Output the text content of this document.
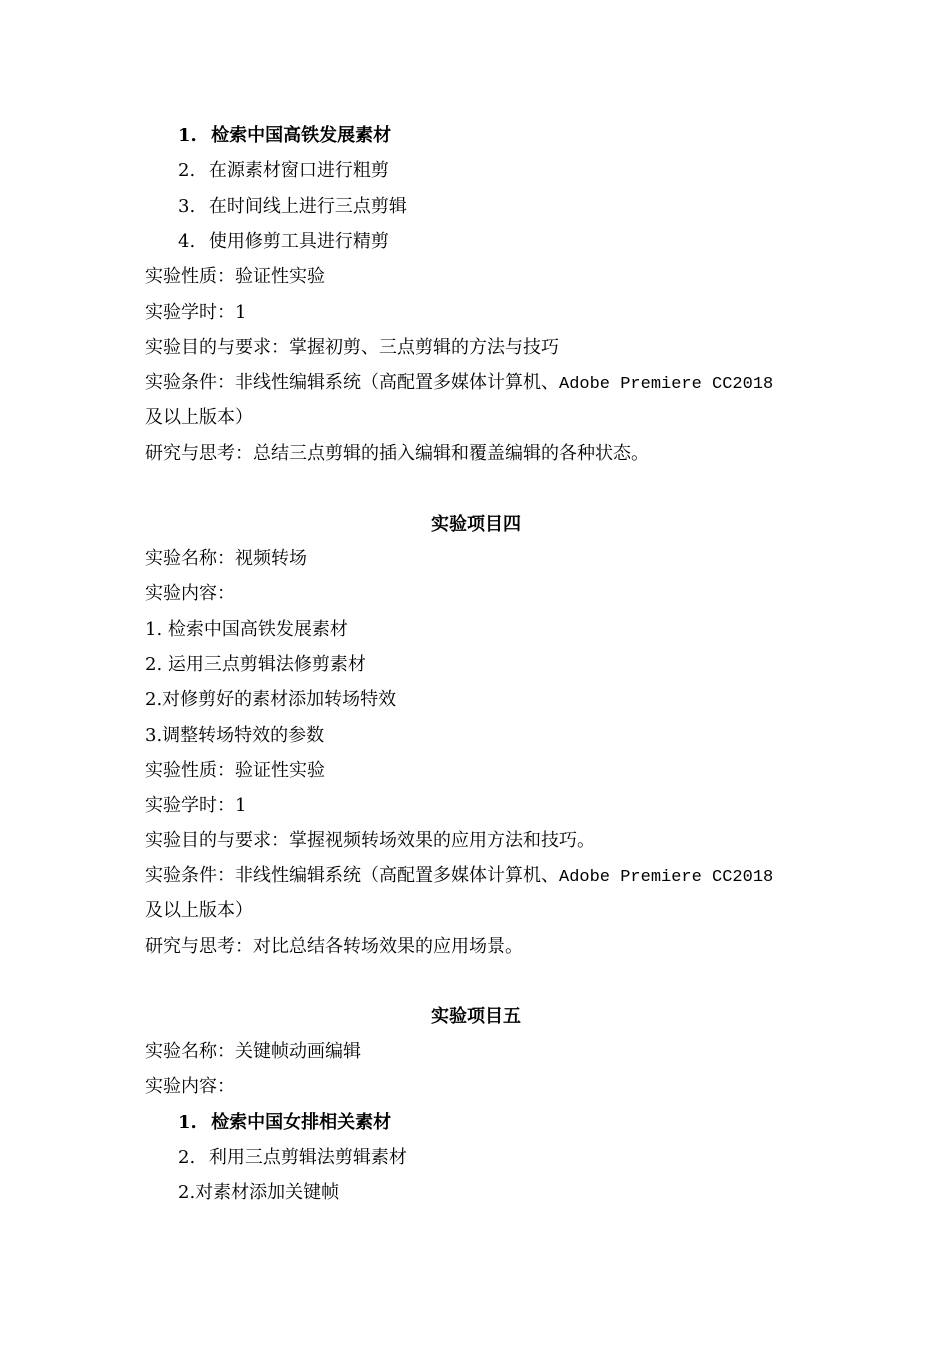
1. 检索中国高铁发展素材
2. 在源素材窗口进行粗剪
3. 在时间线上进行三点剪辑
4. 使用修剪工具进行精剪
实验性质：验证性实验
实验学时：1
实验目的与要求：掌握初剪、三点剪辑的方法与技巧
实验条件：非线性编辑系统（高配置多媒体计算机、Adobe Premiere CC2018
及以上版本）
研究与思考：总结三点剪辑的插入编辑和覆盖编辑的各种状态。
实验项目四
实验名称：视频转场
实验内容：
1. 检索中国高铁发展素材
2. 运用三点剪辑法修剪素材
2.对修剪好的素材添加转场特效
3.调整转场特效的参数
实验性质：验证性实验
实验学时：1
实验目的与要求：掌握视频转场效果的应用方法和技巧。
实验条件：非线性编辑系统（高配置多媒体计算机、Adobe Premiere CC2018
及以上版本）
研究与思考：对比总结各转场效果的应用场景。
实验项目五
实验名称：关键帧动画编辑
实验内容：
1. 检索中国女排相关素材
2. 利用三点剪辑法剪辑素材
2.对素材添加关键帧
